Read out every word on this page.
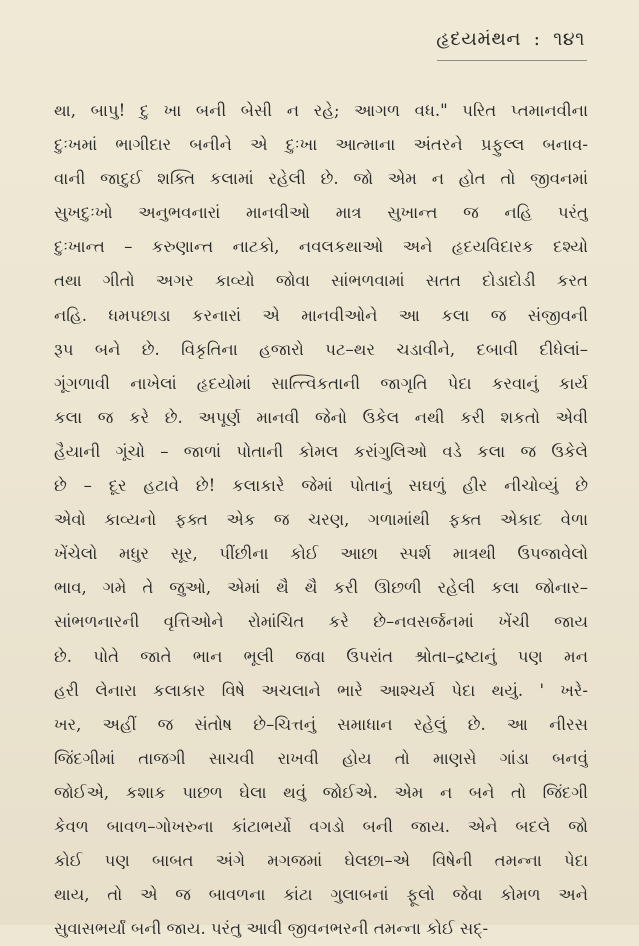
હૃદયમંથન : ૧૪૧
થા, બાપુ! દુ ખા બની બેસી ન રહે; આગળ વધ." પરિત પ્તમાનવીના
દુઃખમાં ભાગીદાર બનીને એ દુઃખા આત્માના અંતરને પ્રફુલ્લ બનાવ-
વાની જાદુઈ શક્તિ કલામાં રહેલી છે. જો એમ ન હોત તો જીવનમાં
સુખદુઃખો અનુભવનારાં માનવીઓ માત્ર સુખાન્ત જ નહિ પરંતુ
દુઃખાન્ત – કરુણાન્ત નાટકો, નવલકથાઓ અને હૃદયવિદારક દશ્યો
તથા ગીતો અગર કાવ્યો જોવા સાંભળવામાં સતત દોડાદોડી કરત
નહિ. ધમપછાડા કરનારાં એ માનવીઓને આ કલા જ સંજીવની
રૂપ બને છે. વિકૃતિના હજારો પટ–થર ચડાવીને, દબાવી દીધેલાં–
ગૂંગળાવી નાખેલાં હૃદયોમાં સાત્ત્વિકતાની જાગૃતિ પેદા કરવાનું કાર્ય
કલા જ કરે છે. અપૂર્ણ માનવી જેનો ઉકેલ નથી કરી શકતો એવી
હૈયાની ગૂંચો – જાળાં પોતાની કોમલ કરાંગુલિઓ વડે કલા જ ઉકેલે
છે – દૂર હટાવે છે! કલાકારે જેમાં પોતાનું સઘળું હીર નીચોવ્યું છે
એવો કાવ્યનો ફક્ત એક જ ચરણ, ગળામાંથી ફક્ત એકાદ વેળા
ખેંચેલો મધુર સૂર, પીંછીના કોઈ આછા સ્પર્શ માત્રથી ઉપજાવેલો
ભાવ, ગમે તે જુઓ, એમાં થૈ થૈ કરી ઊછળી રહેલી કલા જોનાર–
સાંભળનારની વૃત્તિઓને રોમાંચિત કરે છે–નવસર્જનમાં ખેંચી જાય
છે. પોતે જાતે ભાન ભૂલી જવા ઉપરાંત શ્રોતા–દ્રષ્ટાનું પણ મન
હરી લેનારા કલાકાર વિષે અચલાને ભારે આશ્ચર્ય પેદા થયું. ' ખરે-
ખર, અહીં જ સંતોષ છે–ચિત્તનું સમાધાન રહેલું છે. આ નીરસ
જિંદગીમાં તાજગી સાચવી રાખવી હોય તો માણસે ગાંડા બનવું
જોઈએ, કશાક પાછળ ઘેલા થવું જોઈએ. એમ ન બને તો જિંદગી
કેવળ બાવળ–ગોખરુના કાંટાભર્યો વગડો બની જાય. એને બદલે જો
કોઈ પણ બાબત અંગે મગજમાં ઘેલછા–એ વિષેની તમન્ના પેદા
થાય, તો એ જ બાવળના કાંટા ગુલાબનાં ફૂલો જેવા કોમળ અને
સુવાસભર્યાં બની જાય. પરંતુ આવી જીવનભરની તમન્ના કોઈ સદ્-
